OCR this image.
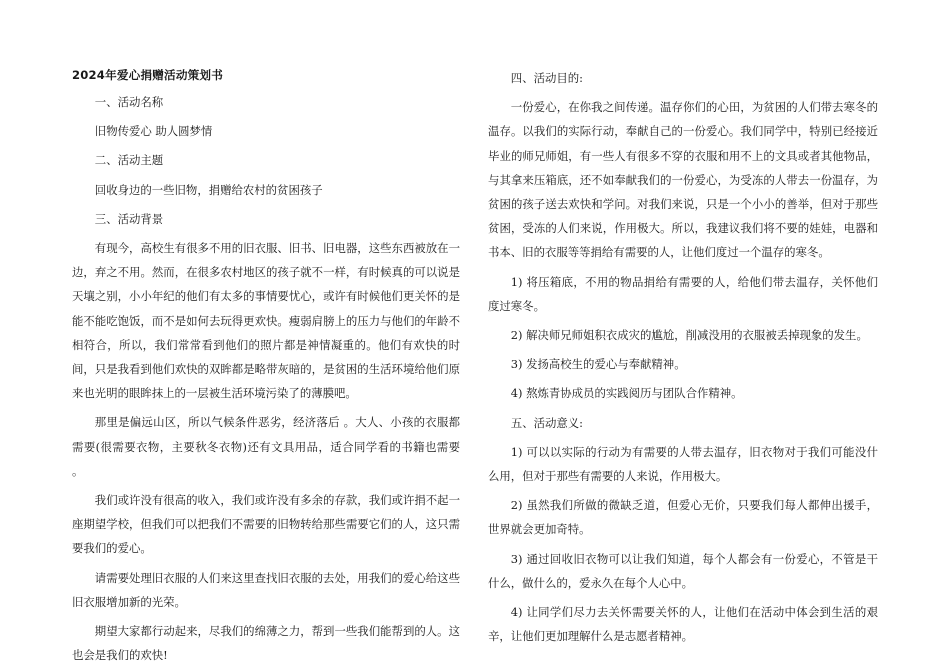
2024年爱心捐赠活动策划书

一、活动名称

旧物传爱心 助人圆梦情

二、活动主题

回收身边的一些旧物，捐赠给农村的贫困孩子

三、活动背景

有现今，高校生有很多不用的旧衣服、旧书、旧电器，这些东西被放在一边，弃之不用。然而，在很多农村地区的孩子就不一样，有时候真的可以说是天壤之别，小小年纪的他们有太多的事情要忧心，或许有时候他们更关怀的是能不能吃饱饭，而不是如何去玩得更欢快。瘦弱肩膀上的压力与他们的年龄不相符合，所以，我们常常看到他们的照片都是神情凝重的。他们有欢快的时间，只是我看到他们欢快的双眸都是略带灰暗的，是贫困的生活环境给他们原来也光明的眼眸抹上的一层被生活环境污染了的薄膜吧。

那里是偏远山区，所以气候条件恶劣，经济落后 。大人、小孩的衣服都需要(很需要衣物，主要秋冬衣物)还有文具用品，适合同学看的书籍也需要 。

我们或许没有很高的收入，我们或许没有多余的存款，我们或许捐不起一座期望学校，但我们可以把我们不需要的旧物转给那些需要它们的人，这只需要我们的爱心。

请需要处理旧衣服的人们来这里查找旧衣服的去处，用我们的爱心给这些旧衣服增加新的光荣。

期望大家都行动起来，尽我们的绵薄之力，帮到一些我们能帮到的人。这也会是我们的欢快!

四、活动目的:

一份爱心，在你我之间传递。温存你们的心田，为贫困的人们带去寒冬的温存。以我们的实际行动，奉献自己的一份爱心。我们同学中，特别已经接近毕业的师兄师姐，有一些人有很多不穿的衣服和用不上的文具或者其他物品，与其拿来压箱底，还不如奉献我们的一份爱心，为受冻的人带去一份温存，为贫困的孩子送去欢快和学问。对我们来说，只是一个小小的善举，但对于那些贫困，受冻的人们来说，作用极大。所以，我建议我们将不要的娃娃，电器和书本、旧的衣服等等捐给有需要的人，让他们度过一个温存的寒冬。

1) 将压箱底，不用的物品捐给有需要的人，给他们带去温存，关怀他们度过寒冬。

2) 解决师兄师姐积衣成灾的尴尬，削减没用的衣服被丢掉现象的发生。

3) 发扬高校生的爱心与奉献精神。

4) 熬炼青协成员的实践阅历与团队合作精神。

五、活动意义:

1) 可以以实际的行动为有需要的人带去温存，旧衣物对于我们可能没什么用，但对于那些有需要的人来说，作用极大。

2) 虽然我们所做的微缺乏道，但爱心无价，只要我们每人都伸出援手，世界就会更加奇特。

3) 通过回收旧衣物可以让我们知道，每个人都会有一份爱心，不管是干什么，做什么的，爱永久在每个人心中。

4) 让同学们尽力去关怀需要关怀的人，让他们在活动中体会到生活的艰辛，让他们更加理解什么是志愿者精神。
